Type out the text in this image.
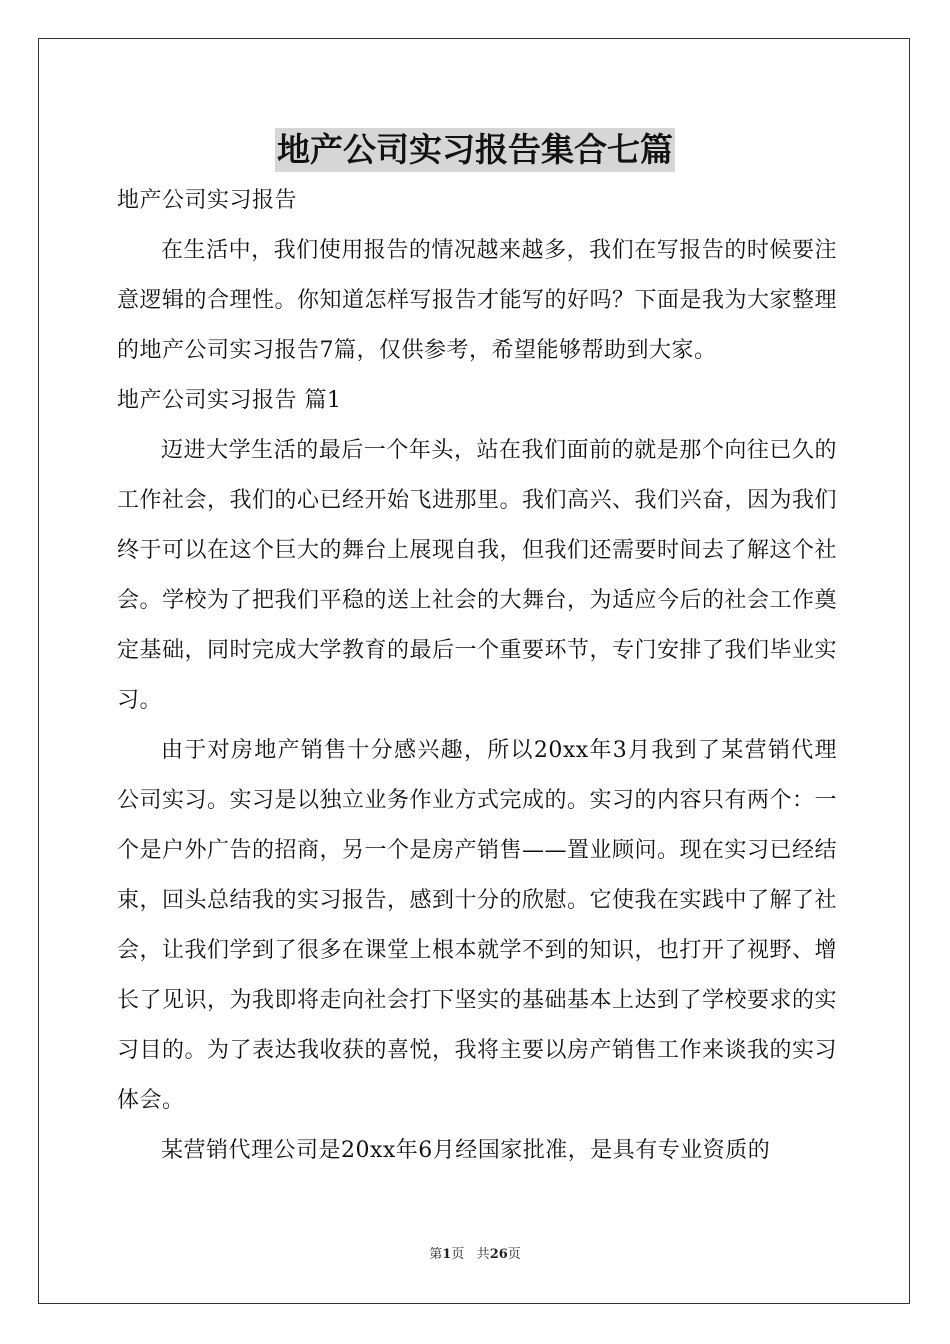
地产公司实习报告集合七篇
地产公司实习报告

在生活中，我们使用报告的情况越来越多，我们在写报告的时候要注意逻辑的合理性。你知道怎样写报告才能写的好吗？下面是我为大家整理的地产公司实习报告7篇，仅供参考，希望能够帮助到大家。

地产公司实习报告 篇1

迈进大学生活的最后一个年头，站在我们面前的就是那个向往已久的工作社会，我们的心已经开始飞进那里。我们高兴、我们兴奋，因为我们终于可以在这个巨大的舞台上展现自我，但我们还需要时间去了解这个社会。学校为了把我们平稳的送上社会的大舞台，为适应今后的社会工作奠定基础，同时完成大学教育的最后一个重要环节，专门安排了我们毕业实习。

由于对房地产销售十分感兴趣，所以20xx年3月我到了某营销代理公司实习。实习是以独立业务作业方式完成的。实习的内容只有两个：一个是户外广告的招商，另一个是房产销售——置业顾问。现在实习已经结束，回头总结我的实习报告，感到十分的欣慰。它使我在实践中了解了社会，让我们学到了很多在课堂上根本就学不到的知识，也打开了视野、增长了见识，为我即将走向社会打下坚实的基础基本上达到了学校要求的实习目的。为了表达我收获的喜悦，我将主要以房产销售工作来谈我的实习体会。

某营销代理公司是20xx年6月经国家批准，是具有专业资质的

第1页 共26页
